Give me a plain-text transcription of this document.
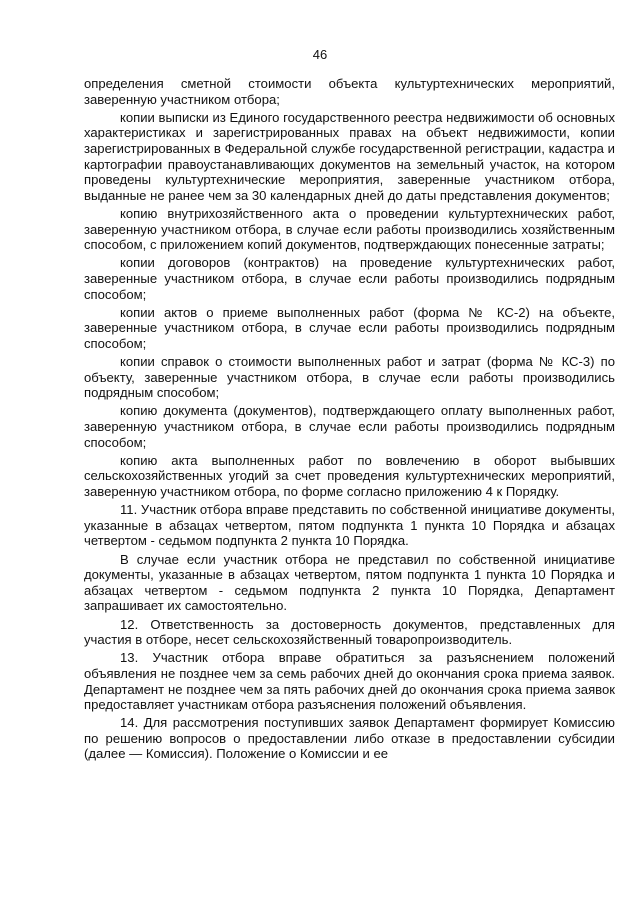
46

определения сметной стоимости объекта культуртехнических мероприятий, заверенную участником отбора;

копии выписки из Единого государственного реестра недвижимости об основных характеристиках и зарегистрированных правах на объект недвижимости, копии зарегистрированных в Федеральной службе государственной регистрации, кадастра и картографии правоустанавливающих документов на земельный участок, на котором проведены культуртехнические мероприятия, заверенные участником отбора, выданные не ранее чем за 30 календарных дней до даты представления документов;

копию внутрихозяйственного акта о проведении культуртехнических работ, заверенную участником отбора, в случае если работы производились хозяйственным способом, с приложением копий документов, подтверждающих понесенные затраты;

копии договоров (контрактов) на проведение культуртехнических работ, заверенные участником отбора, в случае если работы производились подрядным способом;

копии актов о приеме выполненных работ (форма № КС-2) на объекте, заверенные участником отбора, в случае если работы производились подрядным способом;

копии справок о стоимости выполненных работ и затрат (форма № КС-3) по объекту, заверенные участником отбора, в случае если работы производились подрядным способом;

копию документа (документов), подтверждающего оплату выполненных работ, заверенную участником отбора, в случае если работы производились подрядным способом;

копию акта выполненных работ по вовлечению в оборот выбывших сельскохозяйственных угодий за счет проведения культуртехнических мероприятий, заверенную участником отбора, по форме согласно приложению 4 к Порядку.

11. Участник отбора вправе представить по собственной инициативе документы, указанные в абзацах четвертом, пятом подпункта 1 пункта 10 Порядка и абзацах четвертом - седьмом подпункта 2 пункта 10 Порядка.

В случае если участник отбора не представил по собственной инициативе документы, указанные в абзацах четвертом, пятом подпункта 1 пункта 10 Порядка и абзацах четвертом - седьмом подпункта 2 пункта 10 Порядка, Департамент запрашивает их самостоятельно.

12. Ответственность за достоверность документов, представленных для участия в отборе, несет сельскохозяйственный товаропроизводитель.

13. Участник отбора вправе обратиться за разъяснением положений объявления не позднее чем за семь рабочих дней до окончания срока приема заявок. Департамент не позднее чем за пять рабочих дней до окончания срока приема заявок предоставляет участникам отбора разъяснения положений объявления.

14. Для рассмотрения поступивших заявок Департамент формирует Комиссию по решению вопросов о предоставлении либо отказе в предоставлении субсидии (далее — Комиссия). Положение о Комиссии и ее
